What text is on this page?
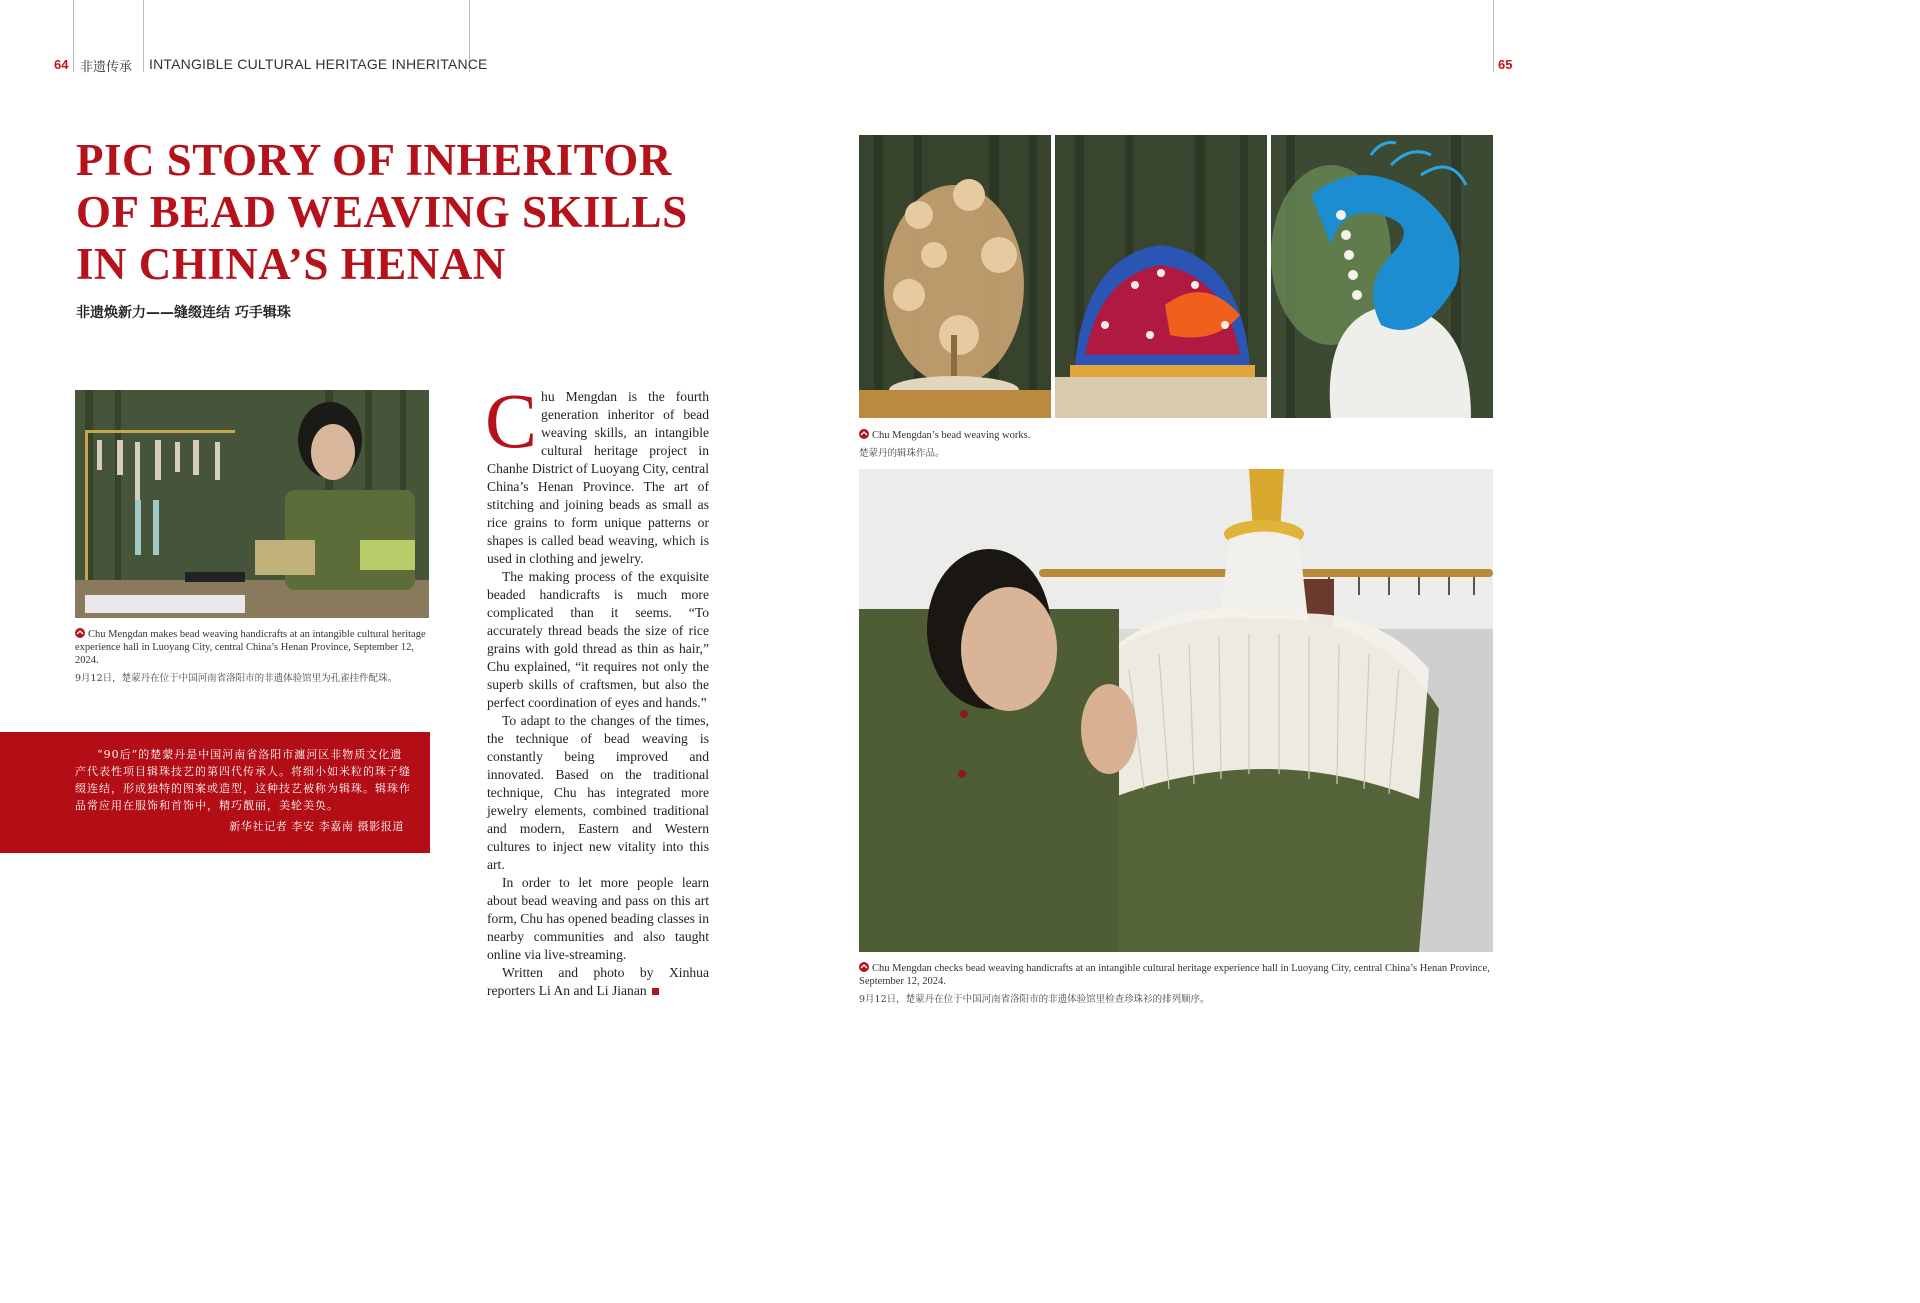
64 非遗传承 INTANGIBLE CULTURAL HERITAGE INHERITANCE	65
PIC STORY OF INHERITOR
OF BEAD WEAVING SKILLS
IN CHINA’S HENAN
非遗焕新力——缝缀连结 巧手辑珠
Chu Mengdan makes bead weaving handicrafts at an intangible cultural heritage experience hall in Luoyang City, central China’s Henan Province, September 12, 2024.
9月12日，楚蒙丹在位于中国河南省洛阳市的非遗体验馆里为孔雀挂件配珠。

“90后”的楚蒙丹是中国河南省洛阳市瀍河区非物质文化遗产代表性项目辑珠技艺的第四代传承人。将细小如米粒的珠子缝缀连结，形成独特的图案或造型，这种技艺被称为辑珠。辑珠作品常应用在服饰和首饰中，精巧靓丽，美轮美奂。

新华社记者 李安 李嘉南 摄影报道

Chu Mengdan is the fourth generation inheritor of bead weaving skills, an intangible cultural heritage project in Chanhe District of Luoyang City, central China’s Henan Province. The art of stitching and joining beads as small as rice grains to form unique patterns or shapes is called bead weaving, which is used in clothing and jewelry.

The making process of the exquisite beaded handicrafts is much more complicated than it seems. “To accurately thread beads the size of rice grains with gold thread as thin as hair,” Chu explained, “it requires not only the superb skills of craftsmen, but also the perfect coordination of eyes and hands.”

To adapt to the changes of the times, the technique of bead weaving is constantly being improved and innovated. Based on the traditional technique, Chu has integrated more jewelry elements, combined traditional and modern, Eastern and Western cultures to inject new vitality into this art.

In order to let more people learn about bead weaving and pass on this art form, Chu has opened beading classes in nearby communities and also taught online via live-streaming.

Written and photo by Xinhua reporters Li An and Li Jianan

Chu Mengdan’s bead weaving works.
楚蒙丹的辑珠作品。
Chu Mengdan checks bead weaving handicrafts at an intangible cultural heritage experience hall in Luoyang City, central China’s Henan Province, September 12, 2024.
9月12日，楚蒙丹在位于中国河南省洛阳市的非遗体验馆里检查珍珠衫的排列顺序。
